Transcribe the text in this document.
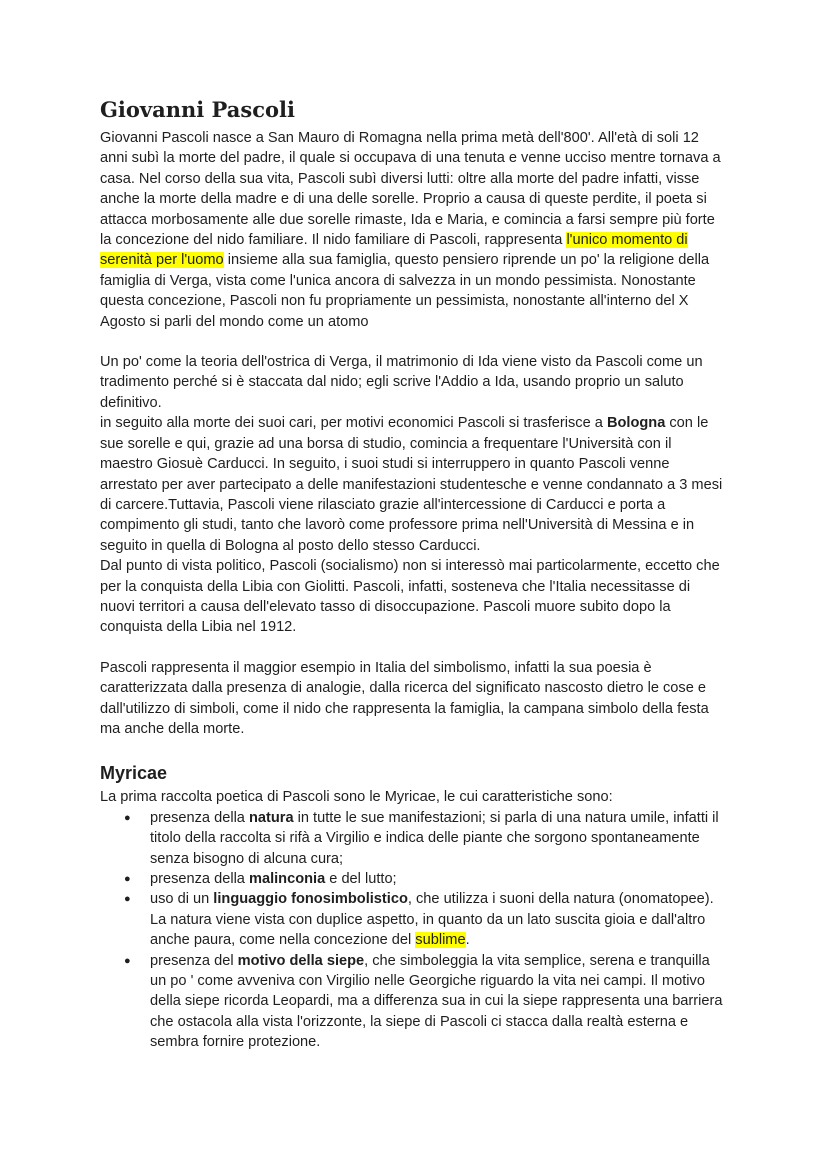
Giovanni Pascoli

Giovanni Pascoli nasce a San Mauro di Romagna nella prima metà dell'800'. All'età di soli 12 anni subì la morte del padre, il quale si occupava di una tenuta e venne ucciso mentre tornava a casa. Nel corso della sua vita, Pascoli subì diversi lutti: oltre alla morte del padre infatti, visse anche la morte della madre e di una delle sorelle. Proprio a causa di queste perdite, il poeta si attacca morbosamente alle due sorelle rimaste, Ida e Maria, e comincia a farsi sempre più forte la concezione del nido familiare. Il nido familiare di Pascoli, rappresenta l'unico momento di serenità per l'uomo insieme alla sua famiglia, questo pensiero riprende un po' la religione della famiglia di Verga, vista come l'unica ancora di salvezza in un mondo pessimista. Nonostante questa concezione, Pascoli non fu propriamente un pessimista, nonostante all'interno del X Agosto si parli del mondo come un atomo

Un po' come la teoria dell'ostrica di Verga, il matrimonio di Ida viene visto da Pascoli come un tradimento perché si è staccata dal nido; egli scrive l'Addio a Ida, usando proprio un saluto definitivo.

in seguito alla morte dei suoi cari, per motivi economici Pascoli si trasferisce a Bologna con le sue sorelle e qui, grazie ad una borsa di studio, comincia a frequentare l'Università con il maestro Giosuè Carducci. In seguito, i suoi studi si interruppero in quanto Pascoli venne arrestato per aver partecipato a delle manifestazioni studentesche e venne condannato a 3 mesi di carcere.Tuttavia, Pascoli viene rilasciato grazie all'intercessione di Carducci e porta a compimento gli studi, tanto che lavorò come professore prima nell'Università di Messina e in seguito in quella di Bologna al posto dello stesso Carducci.

Dal punto di vista politico, Pascoli (socialismo) non si interessò mai particolarmente, eccetto che per la conquista della Libia con Giolitti. Pascoli, infatti, sosteneva che l'Italia necessitasse di nuovi territori a causa dell'elevato tasso di disoccupazione. Pascoli muore subito dopo la conquista della Libia nel 1912.

Pascoli rappresenta il maggior esempio in Italia del simbolismo, infatti la sua poesia è caratterizzata dalla presenza di analogie, dalla ricerca del significato nascosto dietro le cose e dall'utilizzo di simboli, come il nido che rappresenta la famiglia, la campana simbolo della festa ma anche della morte.

Myricae

La prima raccolta poetica di Pascoli sono le Myricae, le cui caratteristiche sono:

● presenza della natura in tutte le sue manifestazioni; si parla di una natura umile, infatti il titolo della raccolta si rifà a Virgilio e indica delle piante che sorgono spontaneamente senza bisogno di alcuna cura;
● presenza della malinconia e del lutto;
● uso di un linguaggio fonosimbolistico, che utilizza i suoni della natura (onomatopee). La natura viene vista con duplice aspetto, in quanto da un lato suscita gioia e dall'altro anche paura, come nella concezione del sublime.
● presenza del motivo della siepe, che simboleggia la vita semplice, serena e tranquilla un po ' come avveniva con Virgilio nelle Georgiche riguardo la vita nei campi. Il motivo della siepe ricorda Leopardi, ma a differenza sua in cui la siepe rappresenta una barriera che ostacola alla vista l'orizzonte, la siepe di Pascoli ci stacca dalla realtà esterna e sembra fornire protezione.
